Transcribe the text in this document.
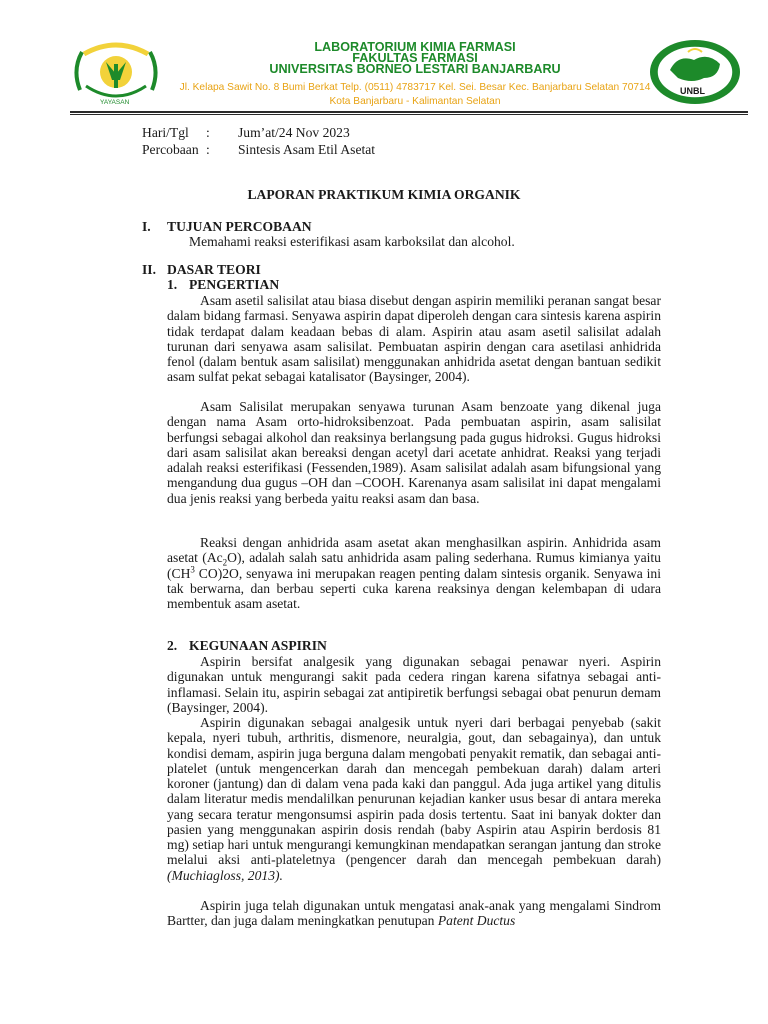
YAYASAN
UNBL
LABORATORIUM KIMIA FARMASI
FAKULTAS FARMASI
UNIVERSITAS BORNEO LESTARI BANJARBARU
Jl. Kelapa Sawit No. 8 Bumi Berkat Telp. (0511) 4783717 Kel. Sei. Besar Kec. Banjarbaru Selatan 70714
Kota Banjarbaru - Kalimantan Selatan
Hari/Tgl : Jum’at/24 Nov 2023
Percobaan : Sintesis Asam Etil Asetat
LAPORAN PRAKTIKUM KIMIA ORGANIK
I. TUJUAN PERCOBAAN

Memahami reaksi esterifikasi asam karboksilat dan alcohol.

II. DASAR TEORI
1. PENGERTIAN

Asam asetil salisilat atau biasa disebut dengan aspirin memiliki peranan sangat besar dalam bidang farmasi. Senyawa aspirin dapat diperoleh dengan cara sintesis karena aspirin tidak terdapat dalam keadaan bebas di alam. Aspirin atau asam asetil salisilat adalah turunan dari senyawa asam salisilat. Pembuatan aspirin dengan cara asetilasi anhidrida fenol (dalam bentuk asam salisilat) menggunakan anhidrida asetat dengan bantuan sedikit asam sulfat pekat sebagai katalisator (Baysinger, 2004).

Asam Salisilat merupakan senyawa turunan Asam benzoate yang dikenal juga dengan nama Asam orto-hidroksibenzoat. Pada pembuatan aspirin, asam salisilat berfungsi sebagai alkohol dan reaksinya berlangsung pada gugus hidroksi. Gugus hidroksi dari asam salisilat akan bereaksi dengan acetyl dari acetate anhidrat. Reaksi yang terjadi adalah reaksi esterifikasi (Fessenden,1989). Asam salisilat adalah asam bifungsional yang mengandung dua gugus –OH dan –COOH. Karenanya asam salisilat ini dapat mengalami dua jenis reaksi yang berbeda yaitu reaksi asam dan basa.

Reaksi dengan anhidrida asam asetat akan menghasilkan aspirin. Anhidrida asam asetat $(Ac_2O)$, adalah salah satu anhidrida asam paling sederhana. Rumus kimianya yaitu ($CH^3$ CO)2O, senyawa ini merupakan reagen penting dalam sintesis organik. Senyawa ini tak berwarna, dan berbau seperti cuka karena reaksinya dengan kelembapan di udara membentuk asam asetat.

2. KEGUNAAN ASPIRIN

Aspirin bersifat analgesik yang digunakan sebagai penawar nyeri. Aspirin digunakan untuk mengurangi sakit pada cedera ringan karena sifatnya sebagai anti-inflamasi. Selain itu, aspirin sebagai zat antipiretik berfungsi sebagai obat penurun demam (Baysinger, 2004).

Aspirin digunakan sebagai analgesik untuk nyeri dari berbagai penyebab (sakit kepala, nyeri tubuh, arthritis, dismenore, neuralgia, gout, dan sebagainya), dan untuk kondisi demam, aspirin juga berguna dalam mengobati penyakit rematik, dan sebagai anti-platelet (untuk mengencerkan darah dan mencegah pembekuan darah) dalam arteri koroner (jantung) dan di dalam vena pada kaki dan panggul. Ada juga artikel yang ditulis dalam literatur medis mendalilkan penurunan kejadian kanker usus besar di antara mereka yang secara teratur mengonsumsi aspirin pada dosis tertentu. Saat ini banyak dokter dan pasien yang menggunakan aspirin dosis rendah (baby Aspirin atau Aspirin berdosis 81 mg) setiap hari untuk mengurangi kemungkinan mendapatkan serangan jantung dan stroke melalui aksi anti-plateletnya (pengencer darah dan mencegah pembekuan darah) (Muchiagloss, 2013).

Aspirin juga telah digunakan untuk mengatasi anak-anak yang mengalami Sindrom Bartter, dan juga dalam meningkatkan penutupan Patent Ductus
